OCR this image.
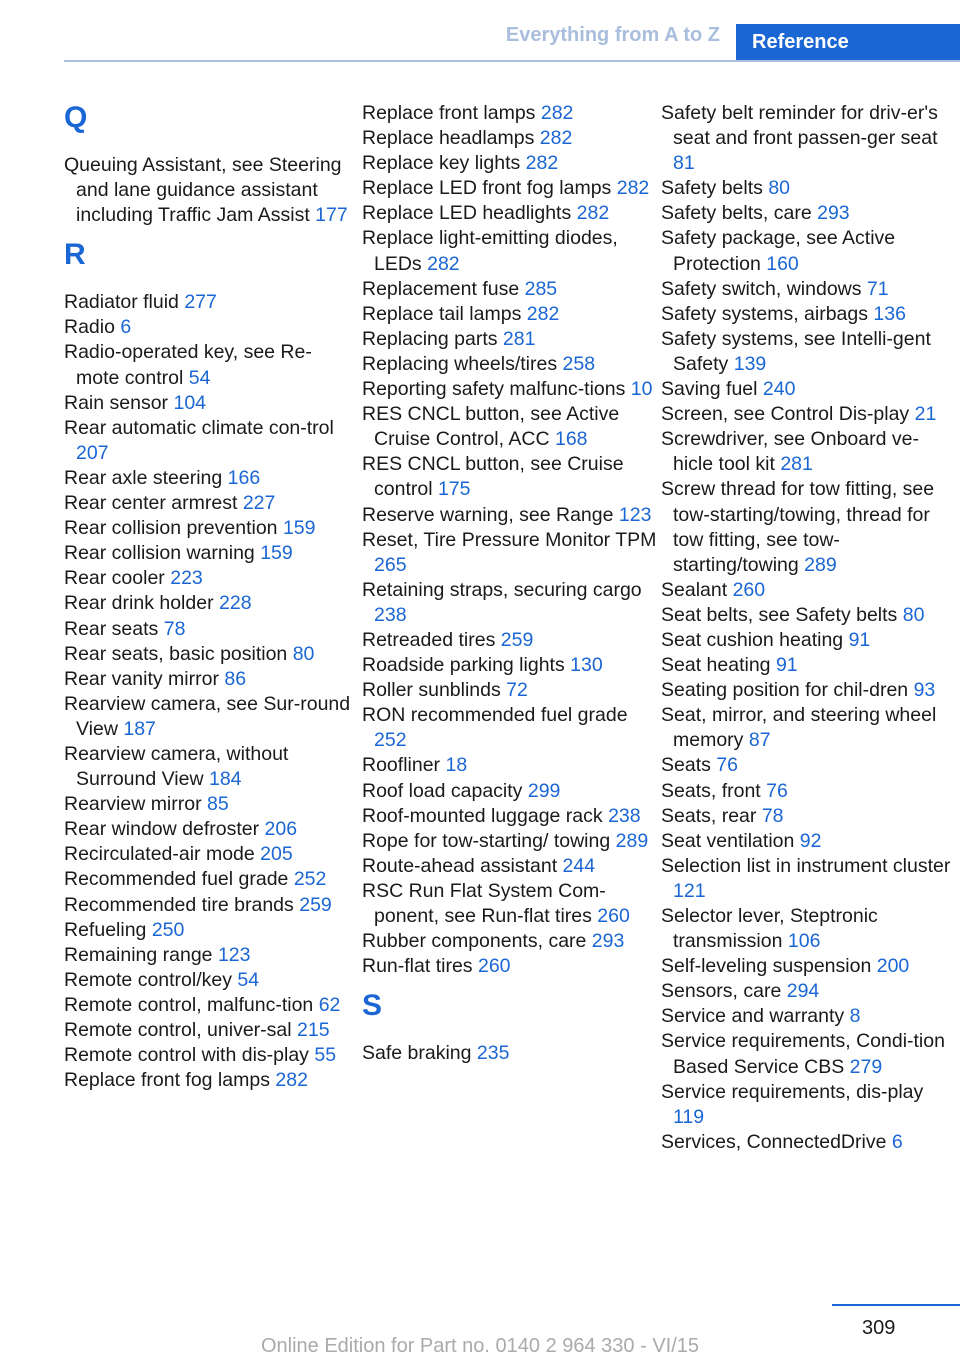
Everything from A to Z	Reference
Q
Queuing Assistant, see Steering and lane guidance assistant including Traffic Jam Assist 177
R
Radiator fluid 277
Radio 6
Radio-operated key, see Re-mote control 54
Rain sensor 104
Rear automatic climate con-trol 207
Rear axle steering 166
Rear center armrest 227
Rear collision prevention 159
Rear collision warning 159
Rear cooler 223
Rear drink holder 228
Rear seats 78
Rear seats, basic position 80
Rear vanity mirror 86
Rearview camera, see Sur-round View 187
Rearview camera, without Surround View 184
Rearview mirror 85
Rear window defroster 206
Recirculated-air mode 205
Recommended fuel grade 252
Recommended tire brands 259
Refueling 250
Remaining range 123
Remote control/key 54
Remote control, malfunc-tion 62
Remote control, univer-sal 215
Remote control with dis-play 55
Replace front fog lamps 282
Replace front lamps 282
Replace headlamps 282
Replace key lights 282
Replace LED front fog lamps 282
Replace LED headlights 282
Replace light-emitting diodes, LEDs 282
Replacement fuse 285
Replace tail lamps 282
Replacing parts 281
Replacing wheels/tires 258
Reporting safety malfunc-tions 10
RES CNCL button, see Active Cruise Control, ACC 168
RES CNCL button, see Cruise control 175
Reserve warning, see Range 123
Reset, Tire Pressure Monitor TPM 265
Retaining straps, securing cargo 238
Retreaded tires 259
Roadside parking lights 130
Roller sunblinds 72
RON recommended fuel grade 252
Roofliner 18
Roof load capacity 299
Roof-mounted luggage rack 238
Rope for tow-starting/ towing 289
Route-ahead assistant 244
RSC Run Flat System Com-ponent, see Run-flat tires 260
Rubber components, care 293
Run-flat tires 260
S
Safe braking 235
Safety belt reminder for driv-er's seat and front passen-ger seat 81
Safety belts 80
Safety belts, care 293
Safety package, see Active Protection 160
Safety switch, windows 71
Safety systems, airbags 136
Safety systems, see Intelli-gent Safety 139
Saving fuel 240
Screen, see Control Dis-play 21
Screwdriver, see Onboard ve-hicle tool kit 281
Screw thread for tow fitting, see tow-starting/towing, thread for tow fitting, see tow-starting/towing 289
Sealant 260
Seat belts, see Safety belts 80
Seat cushion heating 91
Seat heating 91
Seating position for chil-dren 93
Seat, mirror, and steering wheel memory 87
Seats 76
Seats, front 76
Seats, rear 78
Seat ventilation 92
Selection list in instrument cluster 121
Selector lever, Steptronic transmission 106
Self-leveling suspension 200
Sensors, care 294
Service and warranty 8
Service requirements, Condi-tion Based Service CBS 279
Service requirements, dis-play 119
Services, ConnectedDrive 6
309
Online Edition for Part no. 0140 2 964 330 - VI/15
